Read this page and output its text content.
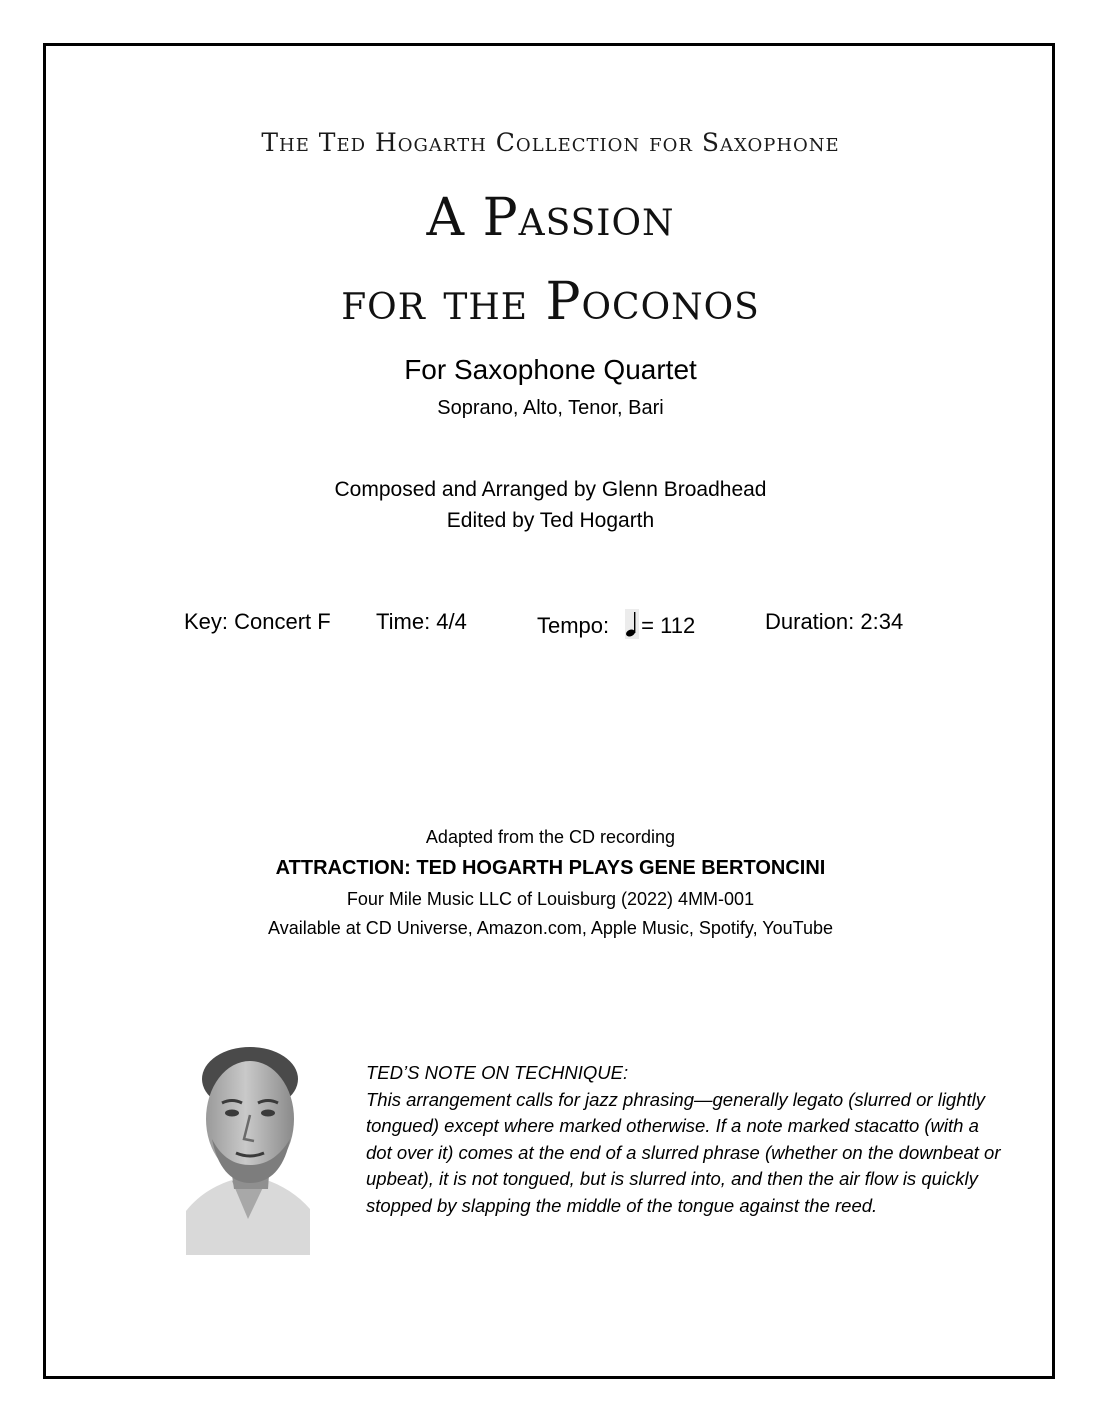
The Ted Hogarth Collection for Saxophone
A Passion
for the Poconos
For Saxophone Quartet
Soprano, Alto, Tenor, Bari
Composed and Arranged by Glenn Broadhead
Edited by Ted Hogarth
Key: Concert F Time: 4/4	Tempo: = 112	Duration: 2:34
Adapted from the CD recording
ATTRACTION: TED HOGARTH PLAYS GENE BERTONCINI
Four Mile Music LLC of Louisburg (2022) 4MM-001
Available at CD Universe, Amazon.com, Apple Music, Spotify, YouTube
TED’S NOTE ON TECHNIQUE:
This arrangement calls for jazz phrasing—generally legato (slurred or lightly tongued) except where marked otherwise. If a note marked stacatto (with a dot over it) comes at the end of a slurred phrase (whether on the downbeat or upbeat), it is not tongued, but is slurred into, and then the air flow is quickly stopped by slapping the middle of the tongue against the reed.
